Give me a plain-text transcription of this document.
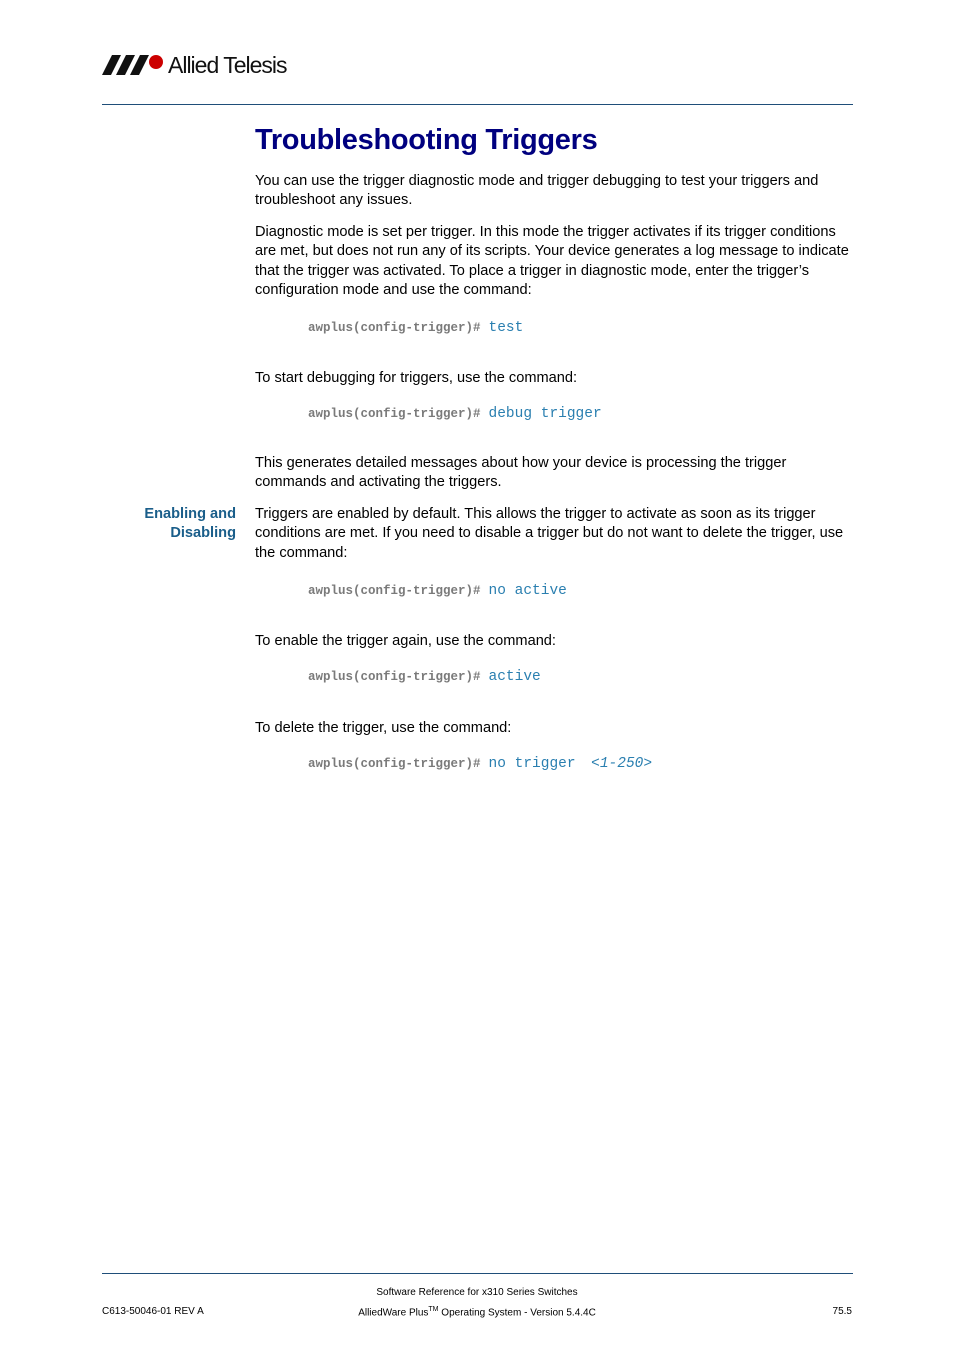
Allied Telesis
Troubleshooting Triggers

You can use the trigger diagnostic mode and trigger debugging to test your triggers and troubleshoot any issues.

Diagnostic mode is set per trigger. In this mode the trigger activates if its trigger conditions are met, but does not run any of its scripts. Your device generates a log message to indicate that the trigger was activated. To place a trigger in diagnostic mode, enter the trigger’s configuration mode and use the command:

awplus(config-trigger)# test

To start debugging for triggers, use the command:

awplus(config-trigger)# debug trigger

This generates detailed messages about how your device is processing the trigger commands and activating the triggers.

Enabling and Disabling

Triggers are enabled by default. This allows the trigger to activate as soon as its trigger conditions are met. If you need to disable a trigger but do not want to delete the trigger, use the command:

awplus(config-trigger)# no active

To enable the trigger again, use the command:

awplus(config-trigger)# active

To delete the trigger, use the command:

awplus(config-trigger)# no trigger <1-250>
Software Reference for x310 Series Switches
C613-50046-01 REV A	AlliedWare Plus™ Operating System - Version 5.4.4C	75.5
